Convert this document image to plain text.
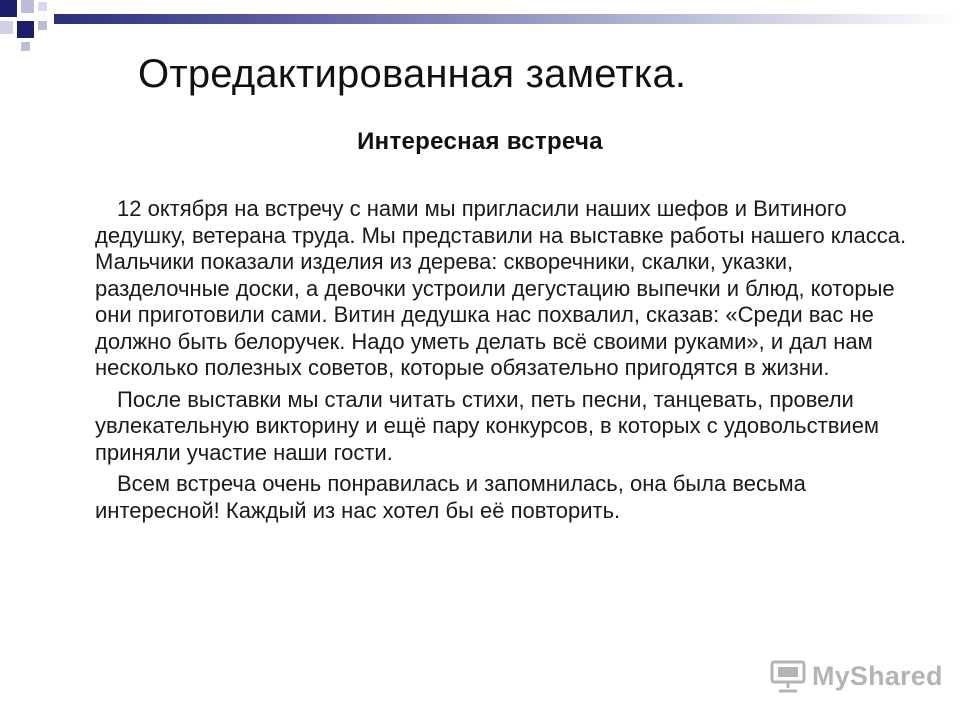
Отредактированная заметка.
Интересная встреча

12 октября на встречу с нами мы пригласили наших шефов и Витиного дедушку, ветерана труда. Мы представили на выставке работы нашего класса. Мальчики показали изделия из дерева: скворечники, скалки, указки, разделочные доски, а девочки устроили дегустацию выпечки и блюд, которые они приготовили сами. Витин дедушка нас похвалил, сказав: «Среди вас не должно быть белоручек. Надо уметь делать всё своими руками», и дал нам несколько полезных советов, которые обязательно пригодятся в жизни.

После выставки мы стали читать стихи, петь песни, танцевать, провели увлекательную викторину и ещё пару конкурсов, в которых с удовольствием приняли участие наши гости.

Всем встреча очень понравилась и запомнилась, она была весьма интересной! Каждый из нас хотел бы её повторить.

MyShared
